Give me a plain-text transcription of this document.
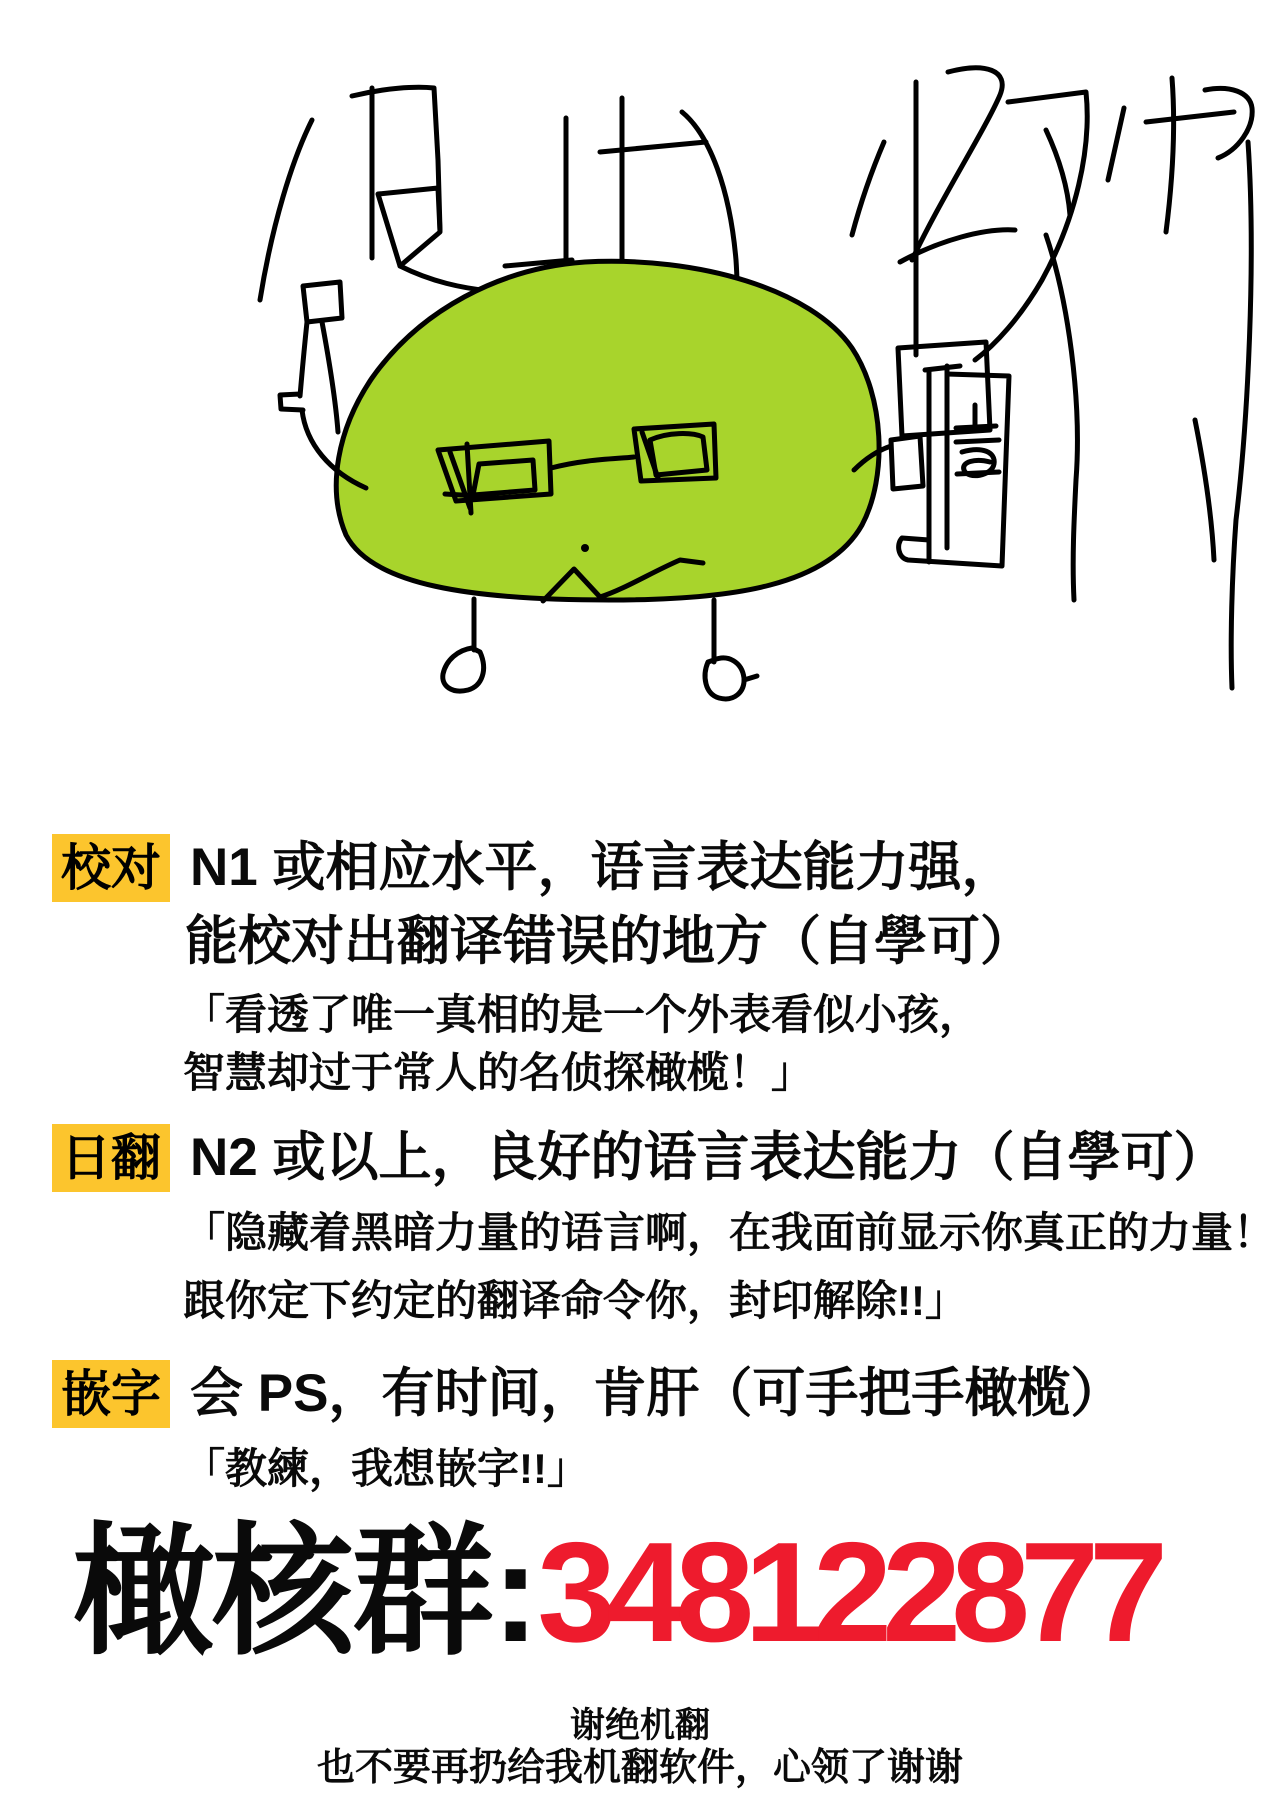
校对 N1 或相应水平，语言表达能力强，
能校对出翻译错误的地方（自學可）
「看透了唯一真相的是一个外表看似小孩，
智慧却过于常人的名侦探橄榄！」
日翻 N2 或以上，良好的语言表达能力（自學可）
「隐藏着黑暗力量的语言啊，在我面前显示你真正的力量！
跟你定下约定的翻译命令你，封印解除!!」
嵌字 会 PS，有时间，肯肝（可手把手橄榄）
「教練，我想嵌字!!」
橄核群:348122877
谢绝机翻
也不要再扔给我机翻软件，心领了谢谢
